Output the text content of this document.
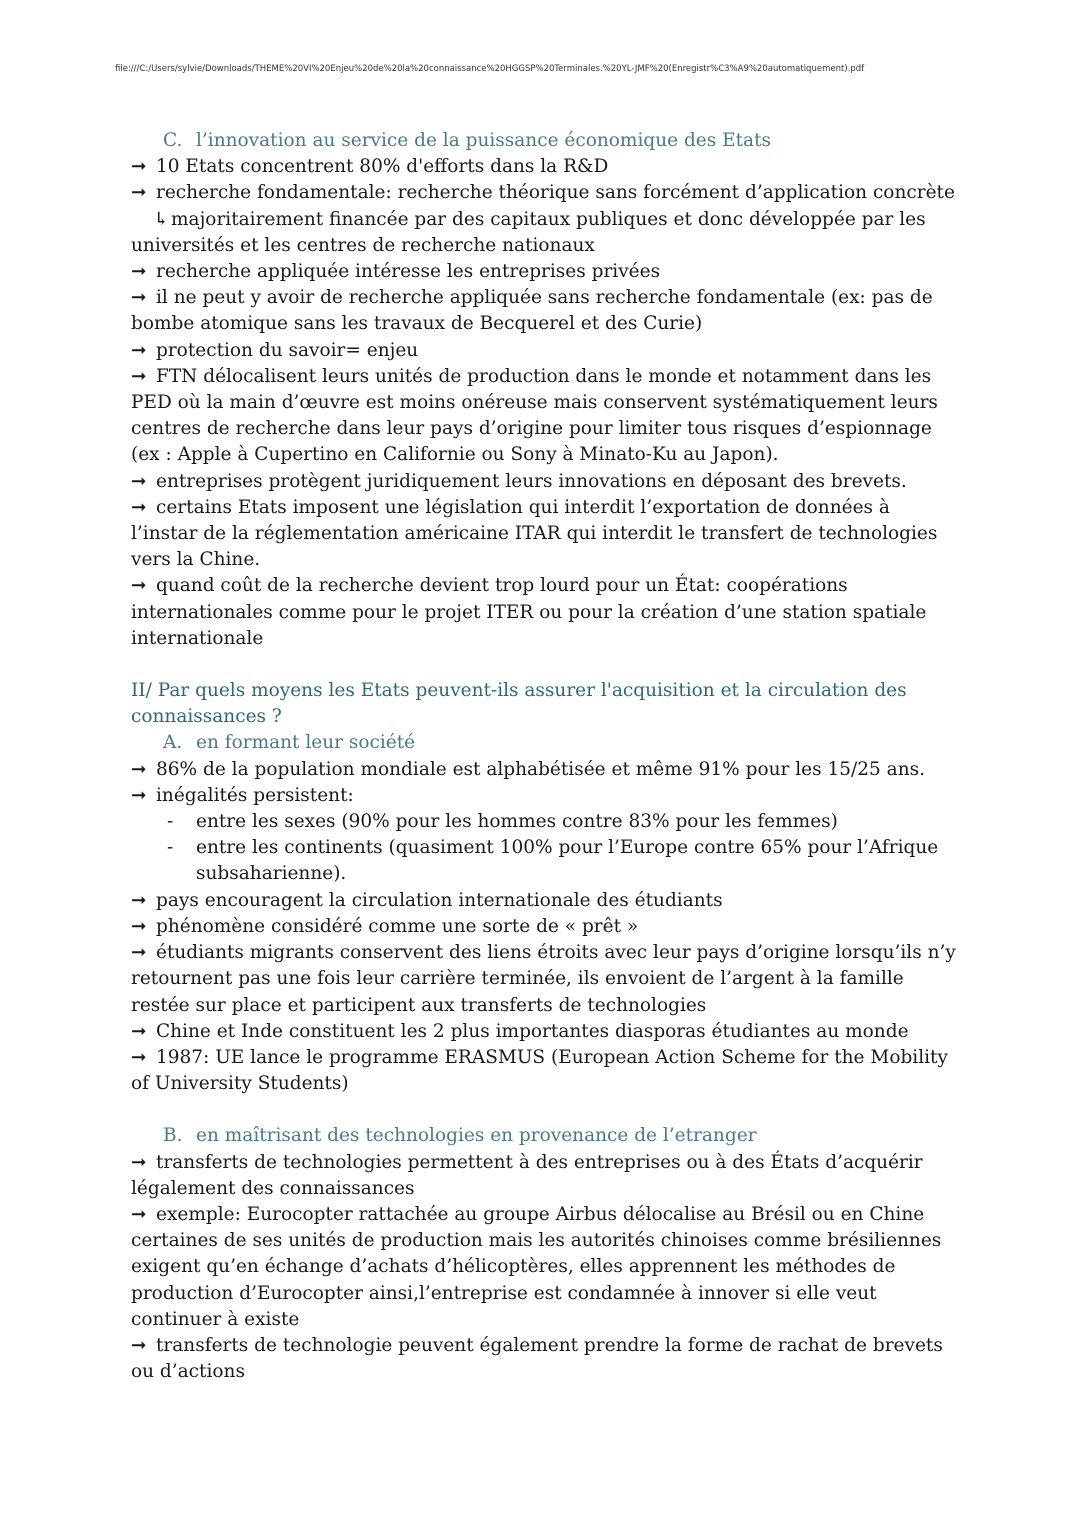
file:///C:/Users/sylvie/Downloads/THEME%20VI%20Enjeu%20de%20la%20connaissance%20HGGSP%20Terminales.%20YL-JMF%20(Enregistr%C3%A9%20automatiquement).pdf
C. l’innovation au service de la puissance économique des Etats
➞ 10 Etats concentrent 80% d'efforts dans la R&D
➞ recherche fondamentale: recherche théorique sans forcément d’application concrète
↳ majoritairement financée par des capitaux publiques et donc développée par les universités et les centres de recherche nationaux
➞ recherche appliquée intéresse les entreprises privées
➞ il ne peut y avoir de recherche appliquée sans recherche fondamentale (ex: pas de bombe atomique sans les travaux de Becquerel et des Curie)
➞ protection du savoir= enjeu
➞ FTN délocalisent leurs unités de production dans le monde et notamment dans les PED où la main d’œuvre est moins onéreuse mais conservent systématiquement leurs centres de recherche dans leur pays d’origine pour limiter tous risques d’espionnage (ex : Apple à Cupertino en Californie ou Sony à Minato-Ku au Japon).
➞ entreprises protègent juridiquement leurs innovations en déposant des brevets.
➞ certains Etats imposent une législation qui interdit l’exportation de données à l’instar de la réglementation américaine ITAR qui interdit le transfert de technologies vers la Chine.
➞ quand coût de la recherche devient trop lourd pour un État: coopérations internationales comme pour le projet ITER ou pour la création d’une station spatiale internationale
II/ Par quels moyens les Etats peuvent-ils assurer l'acquisition et la circulation des connaissances ?
A. en formant leur société
➞ 86% de la population mondiale est alphabétisée et même 91% pour les 15/25 ans.
➞ inégalités persistent:
- entre les sexes (90% pour les hommes contre 83% pour les femmes)
- entre les continents (quasiment 100% pour l’Europe contre 65% pour l’Afrique subsaharienne).
➞ pays encouragent la circulation internationale des étudiants
➞ phénomène considéré comme une sorte de « prêt »
➞ étudiants migrants conservent des liens étroits avec leur pays d’origine lorsqu’ils n’y retournent pas une fois leur carrière terminée, ils envoient de l’argent à la famille restée sur place et participent aux transferts de technologies
➞ Chine et Inde constituent les 2 plus importantes diasporas étudiantes au monde
➞ 1987: UE lance le programme ERASMUS (European Action Scheme for the Mobility of University Students)
B. en maîtrisant des technologies en provenance de l’etranger
➞ transferts de technologies permettent à des entreprises ou à des États d’acquérir légalement des connaissances
➞ exemple: Eurocopter rattachée au groupe Airbus délocalise au Brésil ou en Chine certaines de ses unités de production mais les autorités chinoises comme brésiliennes exigent qu’en échange d’achats d’hélicoptères, elles apprennent les méthodes de production d’Eurocopter ainsi,l’entreprise est condamnée à innover si elle veut continuer à existe
➞ transferts de technologie peuvent également prendre la forme de rachat de brevets ou d’actions
